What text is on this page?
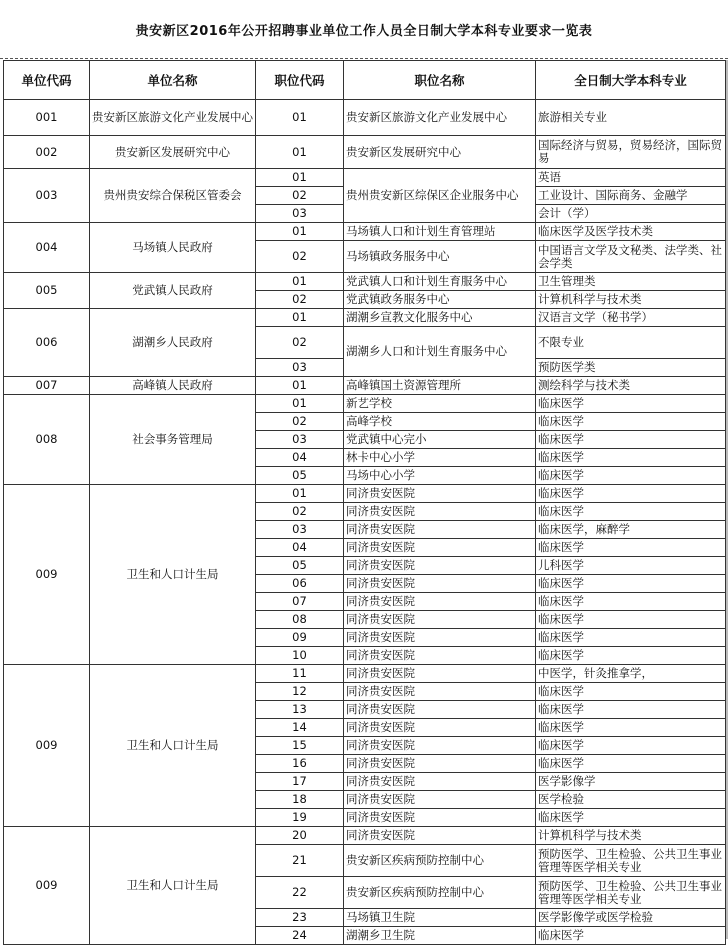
贵安新区2016年公开招聘事业单位工作人员全日制大学本科专业要求一览表
单位代码	单位名称	职位代码	职位名称	全日制大学本科专业
001	贵安新区旅游文化产业发展中心	01	贵安新区旅游文化产业发展中心	旅游相关专业
002	贵安新区发展研究中心	01	贵安新区发展研究中心	国际经济与贸易，贸易经济，国际贸易
003	贵州贵安综合保税区管委会	01	贵州贵安新区综保区企业服务中心	英语
		02		工业设计、国际商务、金融学
		03		会计（学）
004	马场镇人民政府	01	马场镇人口和计划生育管理站	临床医学及医学技术类
		02	马场镇政务服务中心	中国语言文学及文秘类、法学类、社会学类
005	党武镇人民政府	01	党武镇人口和计划生育服务中心	卫生管理类
		02	党武镇政务服务中心	计算机科学与技术类
006	湖潮乡人民政府	01	湖潮乡宣教文化服务中心	汉语言文学（秘书学）
		02	湖潮乡人口和计划生育服务中心	不限专业
		03		预防医学类
007	高峰镇人民政府	01	高峰镇国土资源管理所	测绘科学与技术类
008	社会事务管理局	01	新艺学校	临床医学
		02	高峰学校	临床医学
		03	党武镇中心完小	临床医学
		04	林卡中心小学	临床医学
		05	马场中心小学	临床医学
009	卫生和人口计生局	01	同济贵安医院	临床医学
		02	同济贵安医院	临床医学
		03	同济贵安医院	临床医学，麻醉学
		04	同济贵安医院	临床医学
		05	同济贵安医院	儿科医学
		06	同济贵安医院	临床医学
		07	同济贵安医院	临床医学
		08	同济贵安医院	临床医学
		09	同济贵安医院	临床医学
		10	同济贵安医院	临床医学
009	卫生和人口计生局	11	同济贵安医院	中医学，针灸推拿学，
		12	同济贵安医院	临床医学
		13	同济贵安医院	临床医学
		14	同济贵安医院	临床医学
		15	同济贵安医院	临床医学
		16	同济贵安医院	临床医学
		17	同济贵安医院	医学影像学
		18	同济贵安医院	医学检验
		19	同济贵安医院	临床医学
009	卫生和人口计生局	20	同济贵安医院	计算机科学与技术类
		21	贵安新区疾病预防控制中心	预防医学、卫生检验、公共卫生事业管理等医学相关专业
		22	贵安新区疾病预防控制中心	预防医学、卫生检验、公共卫生事业管理等医学相关专业
		23	马场镇卫生院	医学影像学或医学检验
		24	湖潮乡卫生院	临床医学
